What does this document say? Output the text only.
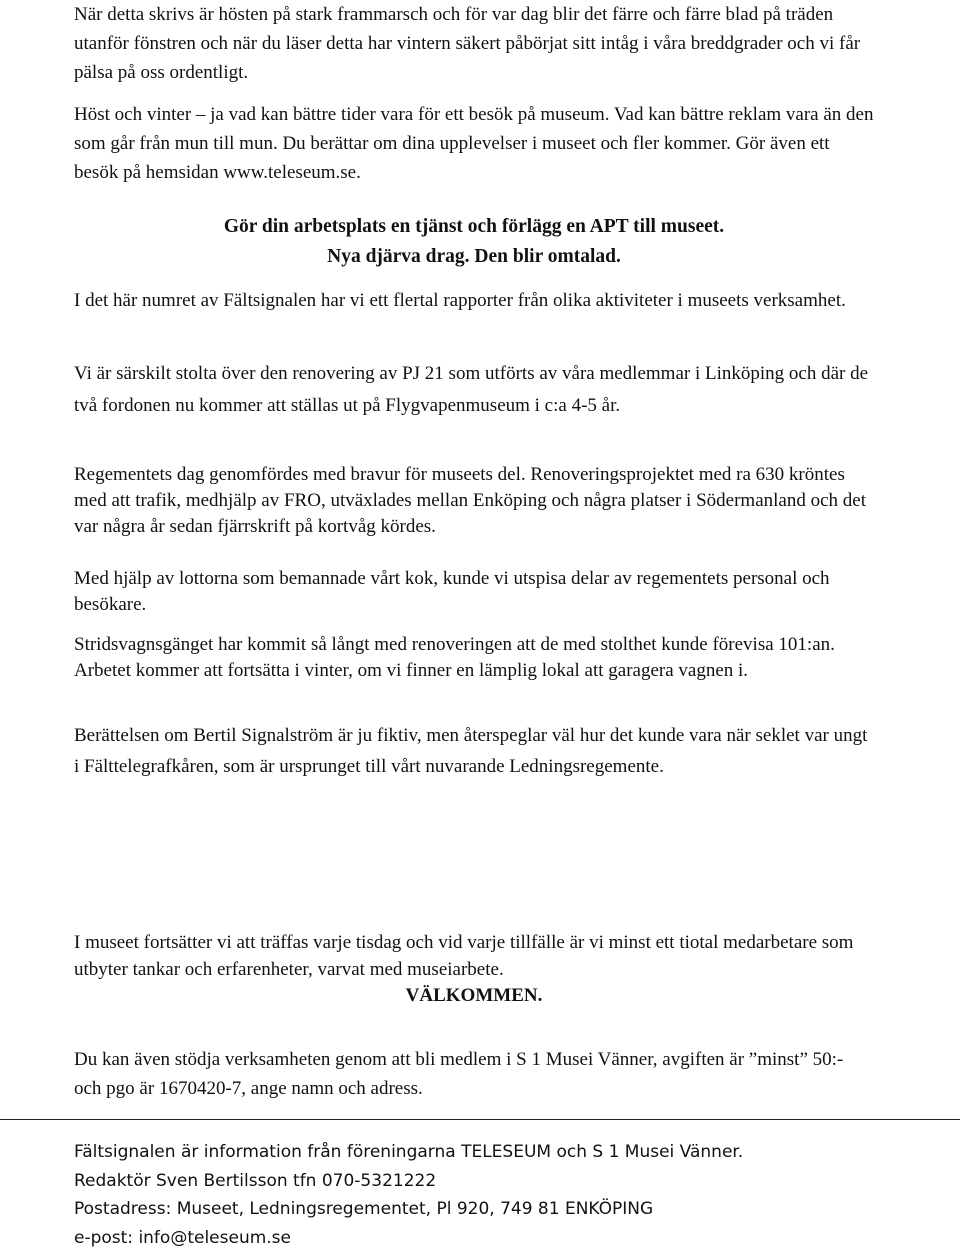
När detta skrivs är hösten på stark frammarsch och för var dag blir det färre och färre blad på träden utanför fönstren och när du läser detta har vintern säkert påbörjat sitt intåg i våra breddgrader och vi får pälsa på oss ordentligt.

Höst och vinter – ja vad kan bättre tider vara för ett besök på museum. Vad kan bättre reklam vara än den som går från mun till mun. Du berättar om dina upplevelser i museet och fler kommer. Gör även ett besök på hemsidan www.teleseum.se.

Gör din arbetsplats en tjänst och förlägg en APT till museet.
Nya djärva drag. Den blir omtalad.

I det här numret av Fältsignalen har vi ett flertal rapporter från olika aktiviteter i museets verksamhet.

Vi är särskilt stolta över den renovering av PJ 21 som utförts av våra medlemmar i Linköping och där de två fordonen nu kommer att ställas ut på Flygvapenmuseum i c:a 4-5 år.

Regementets dag genomfördes med bravur för museets del. Renoveringsprojektet med ra 630 kröntes med att trafik, medhjälp av FRO, utväxlades mellan Enköping och några platser i Södermanland och det var några år sedan fjärrskrift på kortvåg kördes.

Med hjälp av lottorna som bemannade vårt kok, kunde vi utspisa delar av regementets personal och besökare.

Stridsvagnsgänget har kommit så långt med renoveringen att de med stolthet kunde förevisa 101:an. Arbetet kommer att fortsätta i vinter, om vi finner en lämplig lokal att garagera vagnen i.

Berättelsen om Bertil Signalström är ju fiktiv, men återspeglar väl hur det kunde vara när seklet var ungt i Fälttelegrafkåren, som är ursprunget till vårt nuvarande Ledningsregemente.

I museet fortsätter vi att träffas varje tisdag och vid varje tillfälle är vi minst ett tiotal medarbetare som utbyter tankar och erfarenheter, varvat med museiarbete.

VÄLKOMMEN.

Du kan även stödja verksamheten genom att bli medlem i S 1 Musei Vänner, avgiften är ”minst” 50:- och pgo är 1670420-7, ange namn och adress.

Fältsignalen är information från föreningarna TELESEUM och S 1 Musei Vänner.
Redaktör Sven Bertilsson tfn 070-5321222
Postadress: Museet, Ledningsregementet, Pl 920, 749 81 ENKÖPING
e-post: info@teleseum.se
